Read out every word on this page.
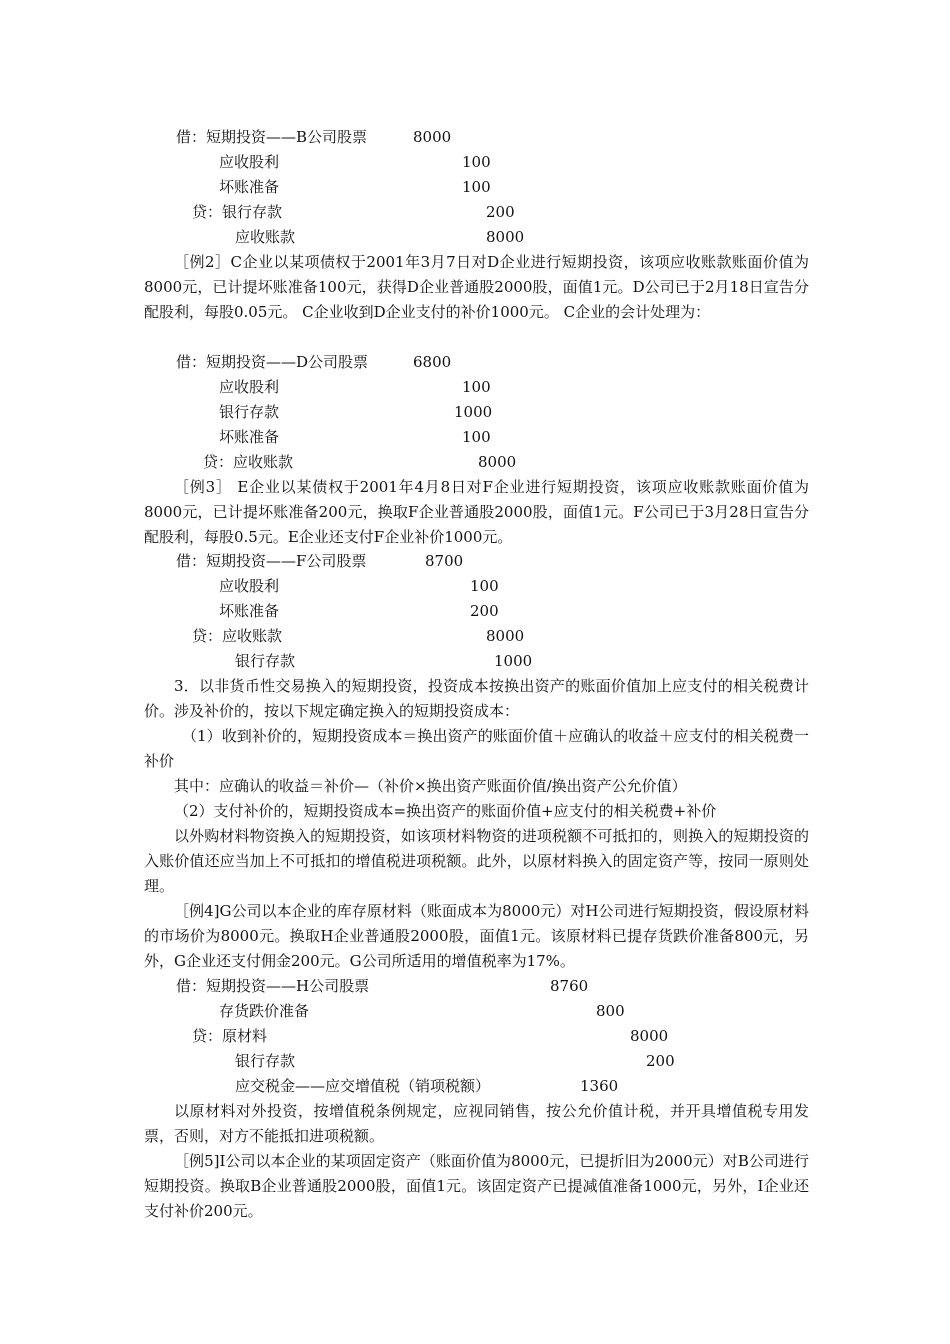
借：短期投资——B公司股票	8000
应收股利	100
坏账准备	100
贷：银行存款	200
应收账款	8000
［例2］C企业以某项债权于2001年3月7日对D企业进行短期投资，该项应收账款账面价值为8000元，已计提坏账准备100元，获得D企业普通股2000股，面值1元。D公司已于2月18日宣告分配股利，每股0.05元。 C企业收到D企业支付的补价1000元。 C企业的会计处理为：
借：短期投资——D公司股票	6800
应收股利	100
银行存款	1000
坏账准备	100
贷：应收账款	8000
［例3］ E企业以某债权于2001年4月8日对F企业进行短期投资，该项应收账款账面价值为8000元，已计提坏账准备200元，换取F企业普通股2000股，面值1元。F公司已于3月28日宣告分配股利，每股0.5元。E企业还支付F企业补价1000元。
借：短期投资——F公司股票	8700
应收股利	100
坏账准备	200
贷：应收账款	8000
银行存款	1000
3．以非货币性交易换入的短期投资，投资成本按换出资产的账面价值加上应支付的相关税费计价。涉及补价的，按以下规定确定换入的短期投资成本：
（1）收到补价的，短期投资成本＝换出资产的账面价值＋应确认的收益＋应支付的相关税费一补价
其中：应确认的收益＝补价—（补价×换出资产账面价值/换出资产公允价值）
（2）支付补价的，短期投资成本=换出资产的账面价值+应支付的相关税费+补价
以外购材料物资换入的短期投资，如该项材料物资的进项税额不可抵扣的，则换入的短期投资的入账价值还应当加上不可抵扣的增值税进项税额。此外，以原材料换入的固定资产等，按同一原则处理。
［例4]G公司以本企业的库存原材料（账面成本为8000元）对H公司进行短期投资，假设原材料的市场价为8000元。换取H企业普通股2000股，面值1元。该原材料已提存货跌价准备800元，另外，G企业还支付佣金200元。G公司所适用的增值税率为17%。
借：短期投资——H公司股票	8760
存货跌价准备	800
贷：原材料	8000
银行存款	200
应交税金——应交增值税（销项税额）	1360
以原材料对外投资，按增值税条例规定，应视同销售，按公允价值计税，并开具增值税专用发票，否则，对方不能抵扣进项税额。
［例5]I公司以本企业的某项固定资产（账面价值为8000元，已提折旧为2000元）对B公司进行短期投资。换取B企业普通股2000股，面值1元。该固定资产已提减值准备1000元，另外，I企业还支付补价200元。
